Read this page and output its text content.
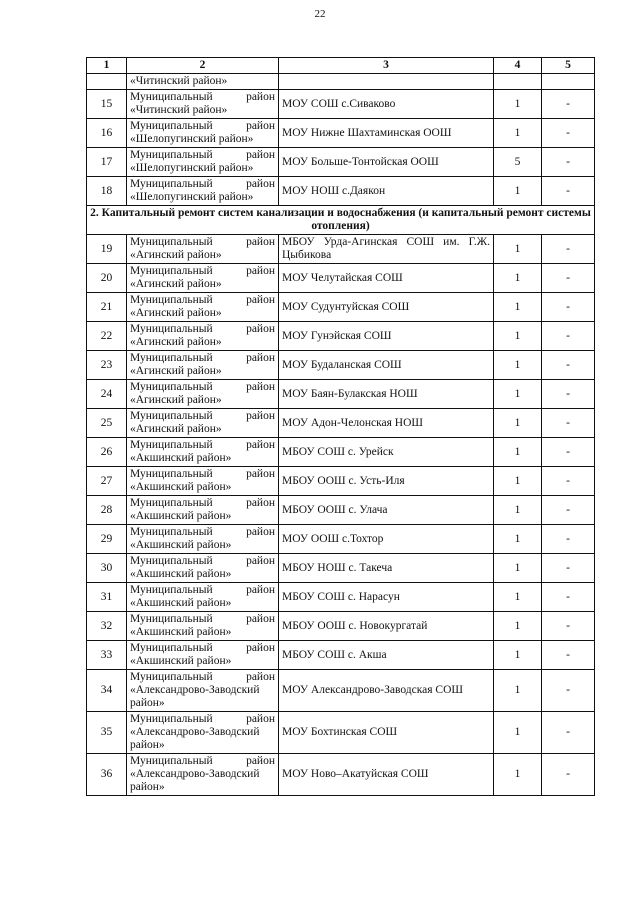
22
1	2	3	4	5
	«Читинский район»			
15	Муниципальный район «Читинский район»	МОУ СОШ с.Сиваково	1	-
16	Муниципальный район «Шелопугинский район»	МОУ Нижне Шахтаминская ООШ	1	-
17	Муниципальный район «Шелопугинский район»	МОУ Больше-Тонтойская ООШ	5	-
18	Муниципальный район «Шелопугинский район»	МОУ НОШ с.Даякон	1	-
2. Капитальный ремонт систем канализации и водоснабжения (и капитальный ремонт системы отопления)				
19	Муниципальный район «Агинский район»	МБОУ Урда-Агинская СОШ им. Г.Ж. Цыбикова	1	-
20	Муниципальный район «Агинский район»	МОУ Челутайская СОШ	1	-
21	Муниципальный район «Агинский район»	МОУ Судунтуйская СОШ	1	-
22	Муниципальный район «Агинский район»	МОУ Гунэйская СОШ	1	-
23	Муниципальный район «Агинский район»	МОУ Будаланская СОШ	1	-
24	Муниципальный район «Агинский район»	МОУ Баян-Булакская НОШ	1	-
25	Муниципальный район «Агинский район»	МОУ Адон-Челонская НОШ	1	-
26	Муниципальный район «Акшинский район»	МБОУ СОШ с. Урейск	1	-
27	Муниципальный район «Акшинский район»	МБОУ ООШ с. Усть-Иля	1	-
28	Муниципальный район «Акшинский район»	МБОУ ООШ с. Улача	1	-
29	Муниципальный район «Акшинский район»	МОУ ООШ с.Тохтор	1	-
30	Муниципальный район «Акшинский район»	МБОУ НОШ с. Такеча	1	-
31	Муниципальный район «Акшинский район»	МБОУ СОШ с. Нарасун	1	-
32	Муниципальный район «Акшинский район»	МБОУ ООШ с. Новокургатай	1	-
33	Муниципальный район «Акшинский район»	МБОУ СОШ с. Акша	1	-
34	Муниципальный район «Александрово-Заводский район»	МОУ Александрово-Заводская СОШ	1	-
35	Муниципальный район «Александрово-Заводский район»	МОУ Бохтинская СОШ	1	-
36	Муниципальный район «Александрово-Заводский район»	МОУ Ново–Акатуйская СОШ	1	-
